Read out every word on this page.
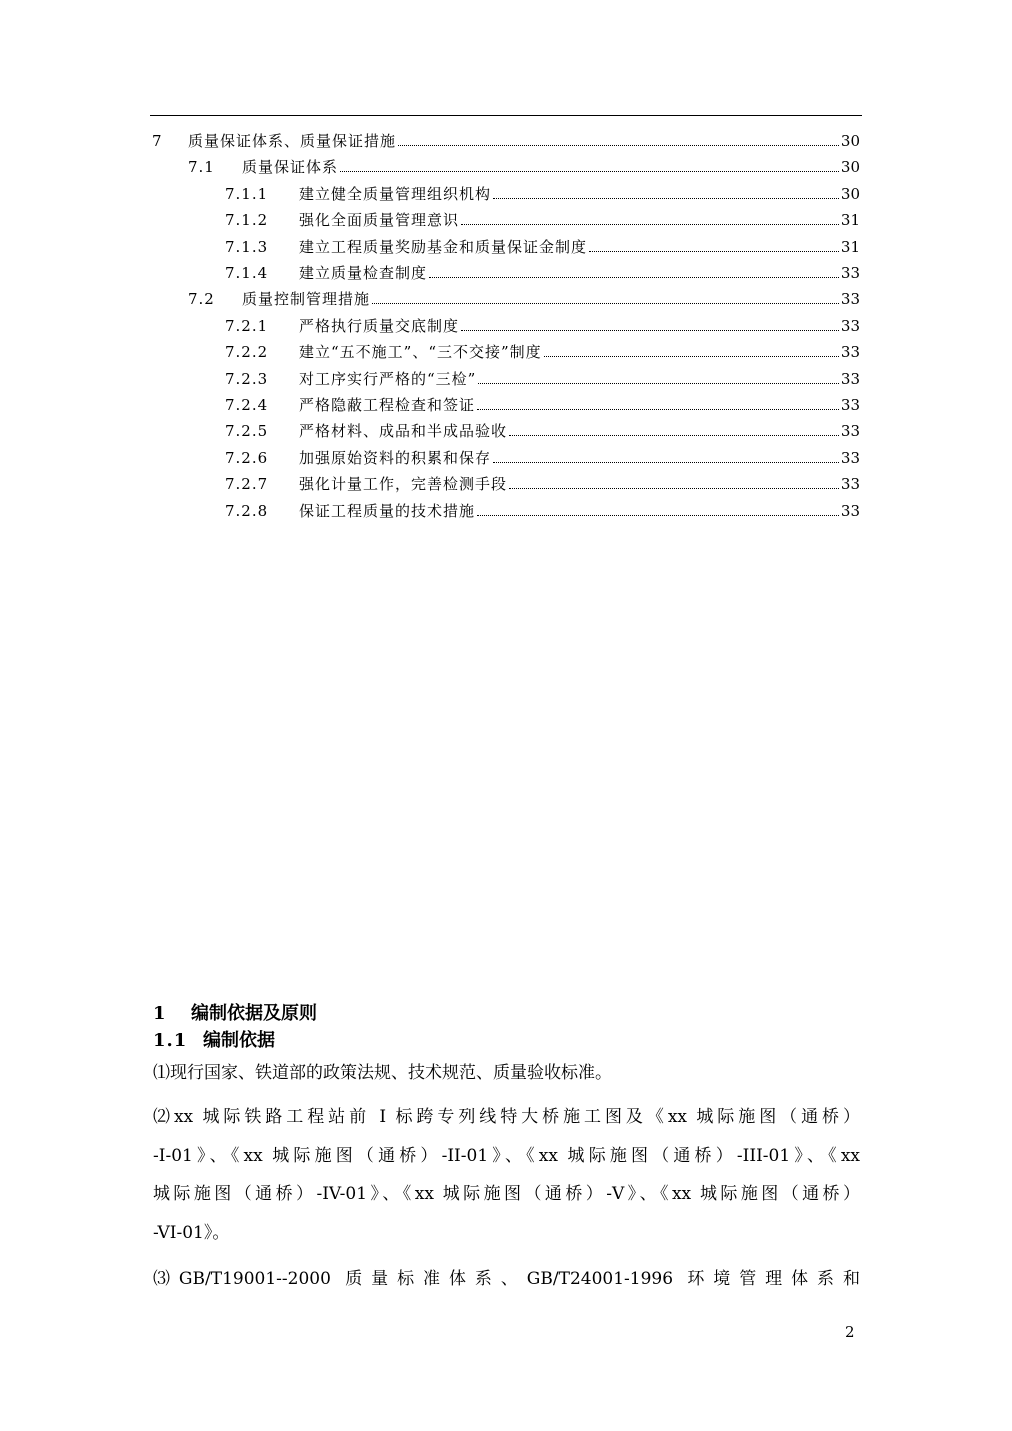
7	质量保证体系、质量保证措施	30
7.1	质量保证体系	30
7.1.1	建立健全质量管理组织机构	30
7.1.2	强化全面质量管理意识	31
7.1.3	建立工程质量奖励基金和质量保证金制度	31
7.1.4	建立质量检查制度	33
7.2	质量控制管理措施	33
7.2.1	严格执行质量交底制度	33
7.2.2	建立“五不施工”、“三不交接”制度	33
7.2.3	对工序实行严格的“三检”	33
7.2.4	严格隐蔽工程检查和签证	33
7.2.5	严格材料、成品和半成品验收	33
7.2.6	加强原始资料的积累和保存	33
7.2.7	强化计量工作，完善检测手段	33
7.2.8	保证工程质量的技术措施	33
1 编制依据及原则
1.1 编制依据
⑴现行国家、铁道部的政策法规、技术规范、质量验收标准。
⑵xx 城际铁路工程站前 I 标跨专列线特大桥施工图及《xx 城际施图（通桥）
-I-01》、《xx 城际施图（通桥）-II-01》、《xx 城际施图（通桥）-III-01》、《xx
城际施图（通桥）-IV-01》、《xx 城际施图（通桥）-V》、《xx 城际施图（通桥）
-VI-01》。
⑶GB/T19001--2000 质量标准体系、GB/T24001-1996 环境管理体系和
2
